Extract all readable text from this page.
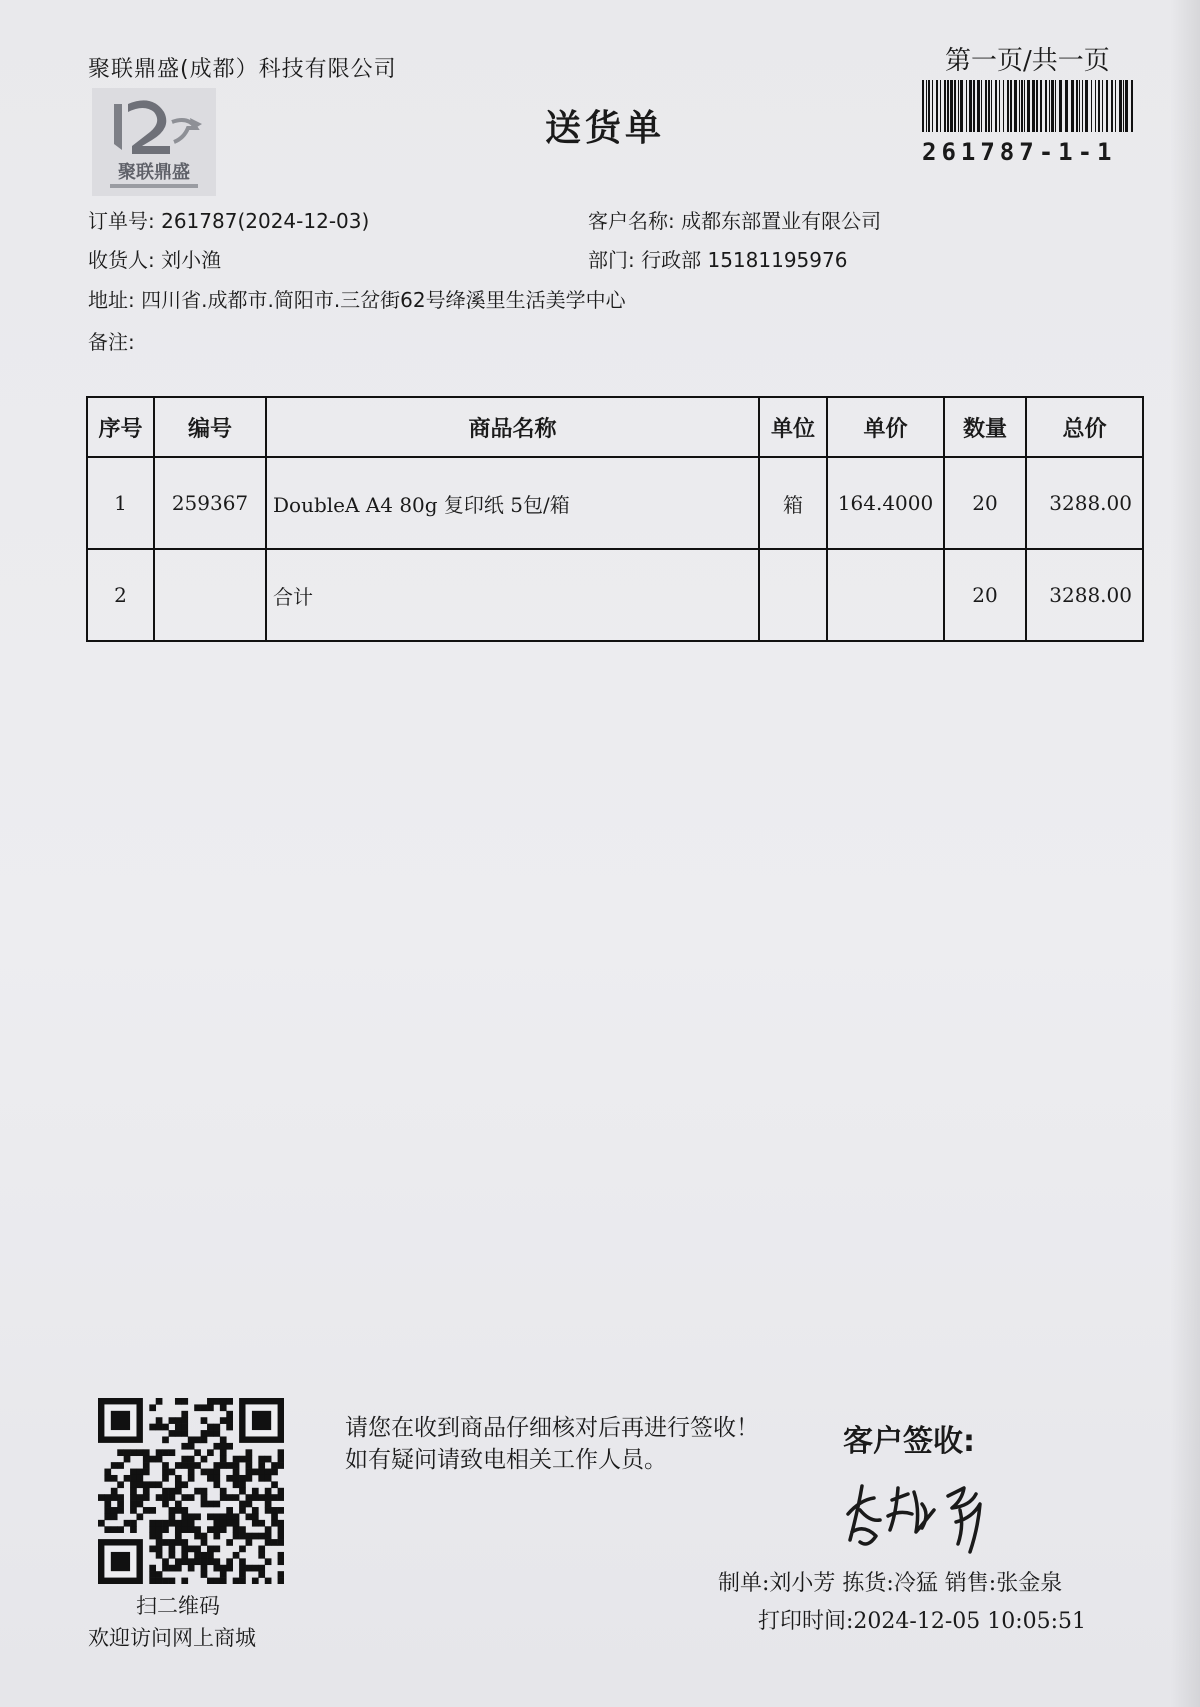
聚联鼎盛(成都）科技有限公司
聚联鼎盛
送货单
第一页/共一页
261787-1-1
订单号: 261787(2024-12-03)
收货人: 刘小渔
地址: 四川省.成都市.简阳市.三岔街62号绛溪里生活美学中心
备注:
客户名称: 成都东部置业有限公司
部门: 行政部 15181195976
序号	编号	商品名称	单位	单价	数量	总价
1	259367	DoubleA A4 80g 复印纸 5包/箱	箱	164.4000	20	3288.00
2		合计			20	3288.00
扫二维码
欢迎访问网上商城
请您在收到商品仔细核对后再进行签收！如有疑问请致电相关工作人员。
客户签收:
制单:刘小芳 拣货:冷猛 销售:张金泉
打印时间:2024-12-05 10:05:51
